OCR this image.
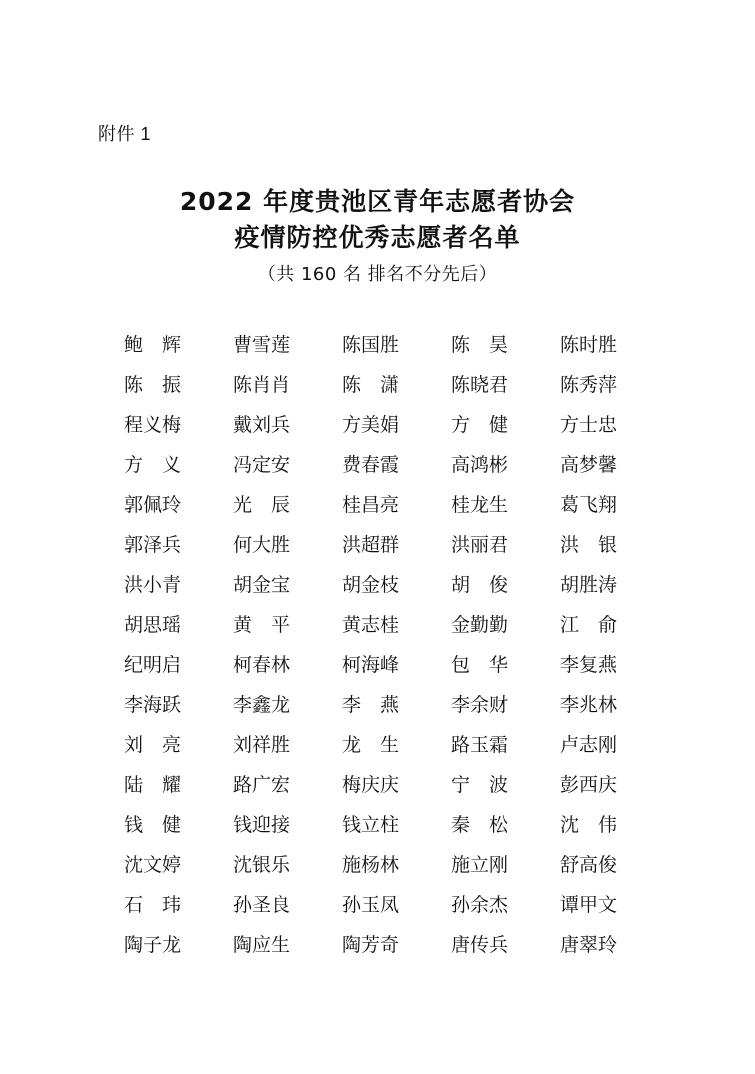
附件 1
2022 年度贵池区青年志愿者协会
疫情防控优秀志愿者名单
（共 160 名 排名不分先后）
鲍　辉	曹雪莲	陈国胜	陈　昊	陈时胜
陈　振	陈肖肖	陈　潇	陈晓君	陈秀萍
程义梅	戴刘兵	方美娟	方　健	方士忠
方　义	冯定安	费春霞	高鸿彬	高梦馨
郭佩玲	光　辰	桂昌亮	桂龙生	葛飞翔
郭泽兵	何大胜	洪超群	洪丽君	洪　银
洪小青	胡金宝	胡金枝	胡　俊	胡胜涛
胡思瑶	黄　平	黄志桂	金勤勤	江　俞
纪明启	柯春林	柯海峰	包　华	李复燕
李海跃	李鑫龙	李　燕	李余财	李兆林
刘　亮	刘祥胜	龙　生	路玉霜	卢志刚
陆　耀	路广宏	梅庆庆	宁　波	彭西庆
钱　健	钱迎接	钱立柱	秦　松	沈　伟
沈文婷	沈银乐	施杨林	施立刚	舒高俊
石　玮	孙圣良	孙玉凤	孙余杰	谭甲文
陶子龙	陶应生	陶芳奇	唐传兵	唐翠玲
